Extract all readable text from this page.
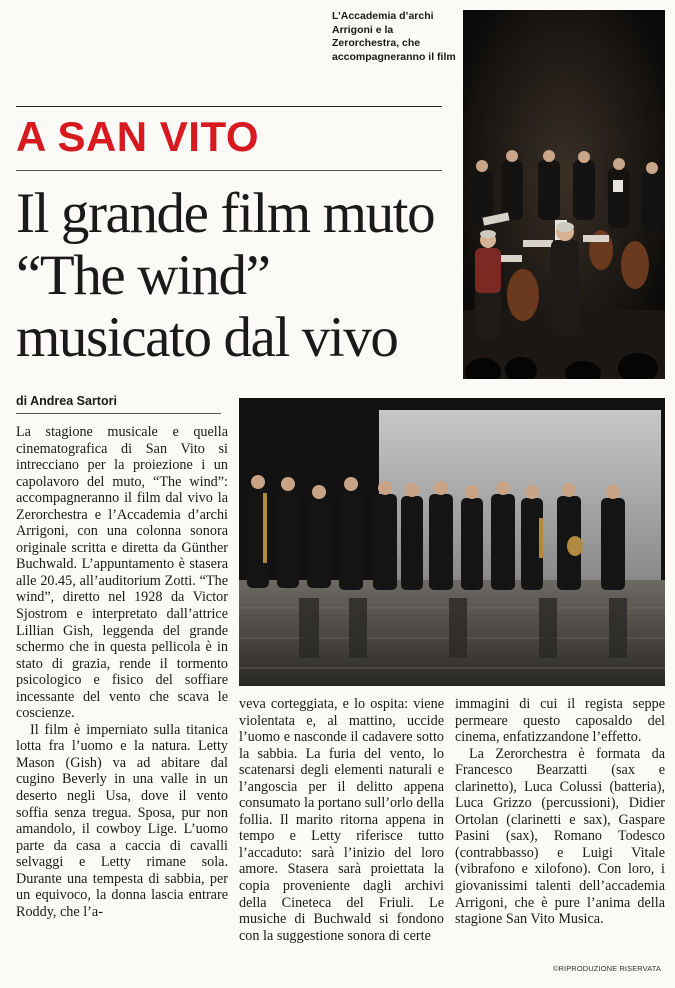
L’Accademia d’archi Arrigoni e la Zerorchestra, che accompagneranno il film
A SAN VITO
Il grande film muto
“The wind”
musicato dal vivo
di Andrea Sartori

La stagione musicale e quella cinematografica di San Vito si intrecciano per la proiezione i un capolavoro del muto, “The wind”: accompagneranno il film dal vivo la Zerorchestra e l’Accademia d’archi Arrigoni, con una colonna sonora originale scritta e diretta da Günther Buchwald. L’appuntamento è stasera alle 20.45, all’auditorium Zotti. “The wind”, diretto nel 1928 da Victor Sjostrom e interpretato dall’attrice Lillian Gish, leggenda del grande schermo che in questa pellicola è in stato di grazia, rende il tormento psicologico e fisico del soffiare incessante del vento che scava le coscienze.

Il film è imperniato sulla titanica lotta fra l’uomo e la natura. Letty Mason (Gish) va ad abitare dal cugino Beverly in una valle in un deserto negli Usa, dove il vento soffia senza tregua. Sposa, pur non amandolo, il cowboy Lige. L’uomo parte da casa a caccia di cavalli selvaggi e Letty rimane sola. Durante una tempesta di sabbia, per un equivoco, la donna lascia entrare Roddy, che l’a-

veva corteggiata, e lo ospita: viene violentata e, al mattino, uccide l’uomo e nasconde il cadavere sotto la sabbia. La furia del vento, lo scatenarsi degli elementi naturali e l’angoscia per il delitto appena consumato la portano sull’orlo della follia. Il marito ritorna appena in tempo e Letty riferisce tutto l’accaduto: sarà l’inizio del loro amore. Stasera sarà proiettata la copia proveniente dagli archivi della Cineteca del Friuli. Le musiche di Buchwald si fondono con la suggestione sonora di certe

immagini di cui il regista seppe permeare questo caposaldo del cinema, enfatizzandone l’effetto.

La Zerorchestra è formata da Francesco Bearzatti (sax e clarinetto), Luca Colussi (batteria), Luca Grizzo (percussioni), Didier Ortolan (clarinetti e sax), Gaspare Pasini (sax), Romano Todesco (contrabbasso) e Luigi Vitale (vibrafono e xilofono). Con loro, i giovanissimi talenti dell’accademia Arrigoni, che è pure l’anima della stagione San Vito Musica.

©RIPRODUZIONE RISERVATA
